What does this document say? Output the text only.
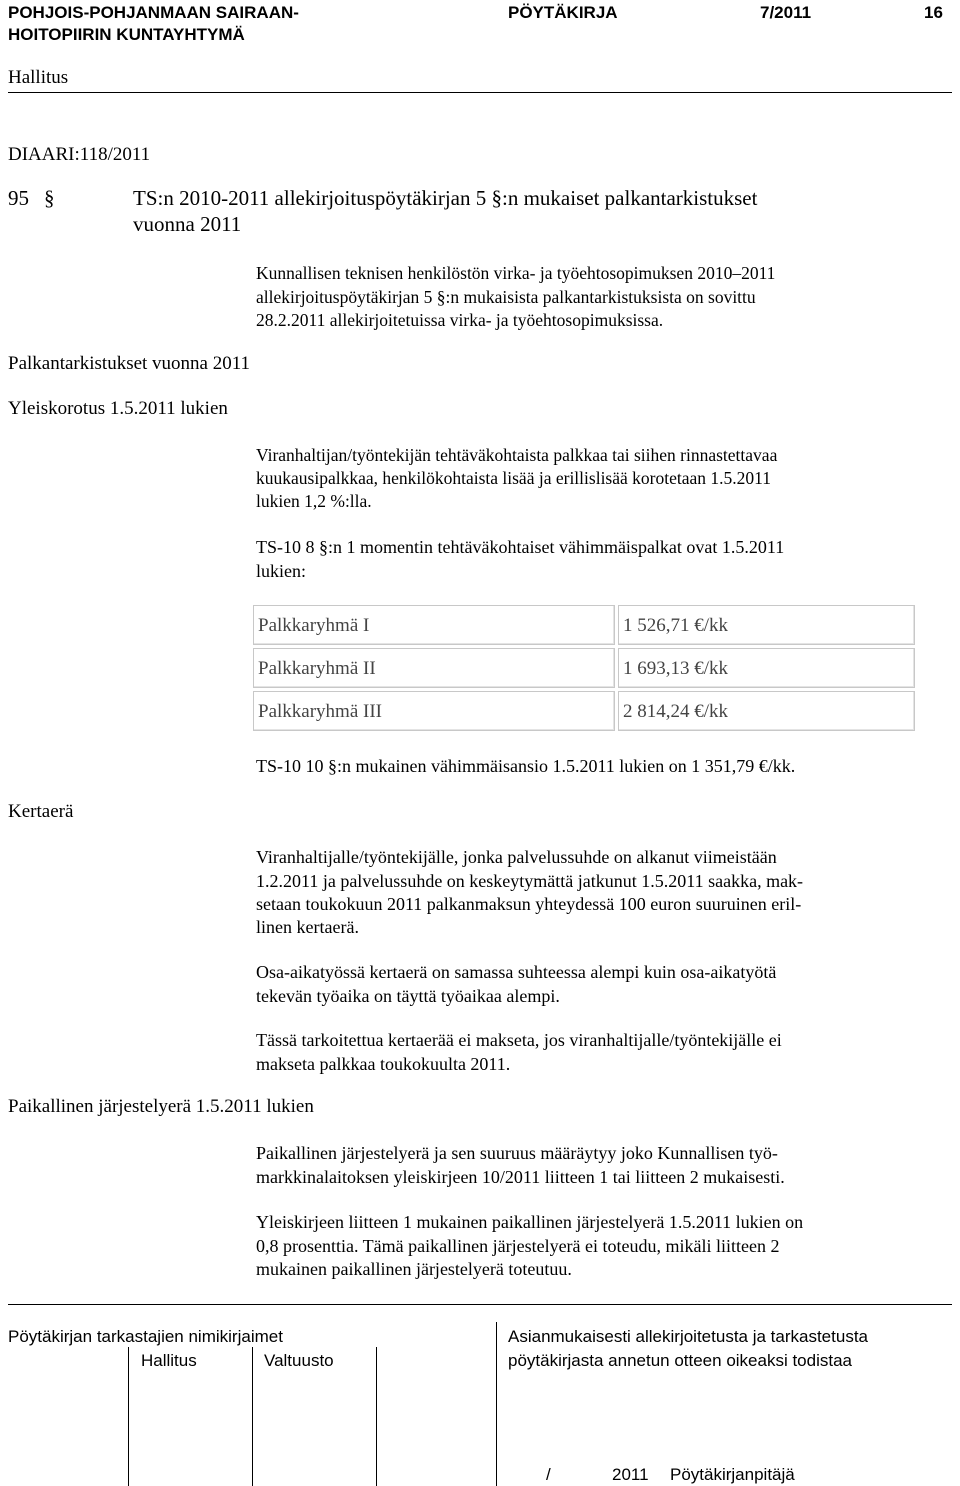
POHJOIS-POHJANMAAN SAIRAAN-
HOITOPIIRIN KUNTAYHTYMÄ
PÖYTÄKIRJA	7/2011	16
Hallitus
DIAARI:118/2011
95 §	TS:n 2010-2011 allekirjoituspöytäkirjan 5 §:n mukaiset palkantarkistukset
vuonna 2011
Kunnallisen teknisen henkilöstön virka- ja työehtosopimuksen 2010–2011
allekirjoituspöytäkirjan 5 §:n mukaisista palkantarkistuksista on sovittu
28.2.2011 allekirjoitetuissa virka- ja työehtosopimuksissa.
Palkantarkistukset vuonna 2011
Yleiskorotus 1.5.2011 lukien
Viranhaltijan/työntekijän tehtäväkohtaista palkkaa tai siihen rinnastettavaa
kuukausipalkkaa, henkilökohtaista lisää ja erillislisää korotetaan 1.5.2011
lukien 1,2 %:lla.
TS-10 8 §:n 1 momentin tehtäväkohtaiset vähimmäispalkat ovat 1.5.2011
lukien:
Palkkaryhmä I	1 526,71 €/kk
Palkkaryhmä II	1 693,13 €/kk
Palkkaryhmä III	2 814,24 €/kk
TS-10 10 §:n mukainen vähimmäisansio 1.5.2011 lukien on 1 351,79 €/kk.
Kertaerä
Viranhaltijalle/työntekijälle, jonka palvelussuhde on alkanut viimeistään
1.2.2011 ja palvelussuhde on keskeytymättä jatkunut 1.5.2011 saakka, mak-
setaan toukokuun 2011 palkanmaksun yhteydessä 100 euron suuruinen eril-
linen kertaerä.
Osa-aikatyössä kertaerä on samassa suhteessa alempi kuin osa-aikatyötä
tekevän työaika on täyttä työaikaa alempi.
Tässä tarkoitettua kertaerää ei makseta, jos viranhaltijalle/työntekijälle ei
makseta palkkaa toukokuulta 2011.
Paikallinen järjestelyerä 1.5.2011 lukien
Paikallinen järjestelyerä ja sen suuruus määräytyy joko Kunnallisen työ-
markkinalaitoksen yleiskirjeen 10/2011 liitteen 1 tai liitteen 2 mukaisesti.
Yleiskirjeen liitteen 1 mukainen paikallinen järjestelyerä 1.5.2011 lukien on
0,8 prosenttia. Tämä paikallinen järjestelyerä ei toteudu, mikäli liitteen 2
mukainen paikallinen järjestelyerä toteutuu.
Pöytäkirjan tarkastajien nimikirjaimet
Hallitus	Valtuusto
Asianmukaisesti allekirjoitetusta ja tarkastetusta
pöytäkirjasta annetun otteen oikeaksi todistaa
/	2011 Pöytäkirjanpitäjä
